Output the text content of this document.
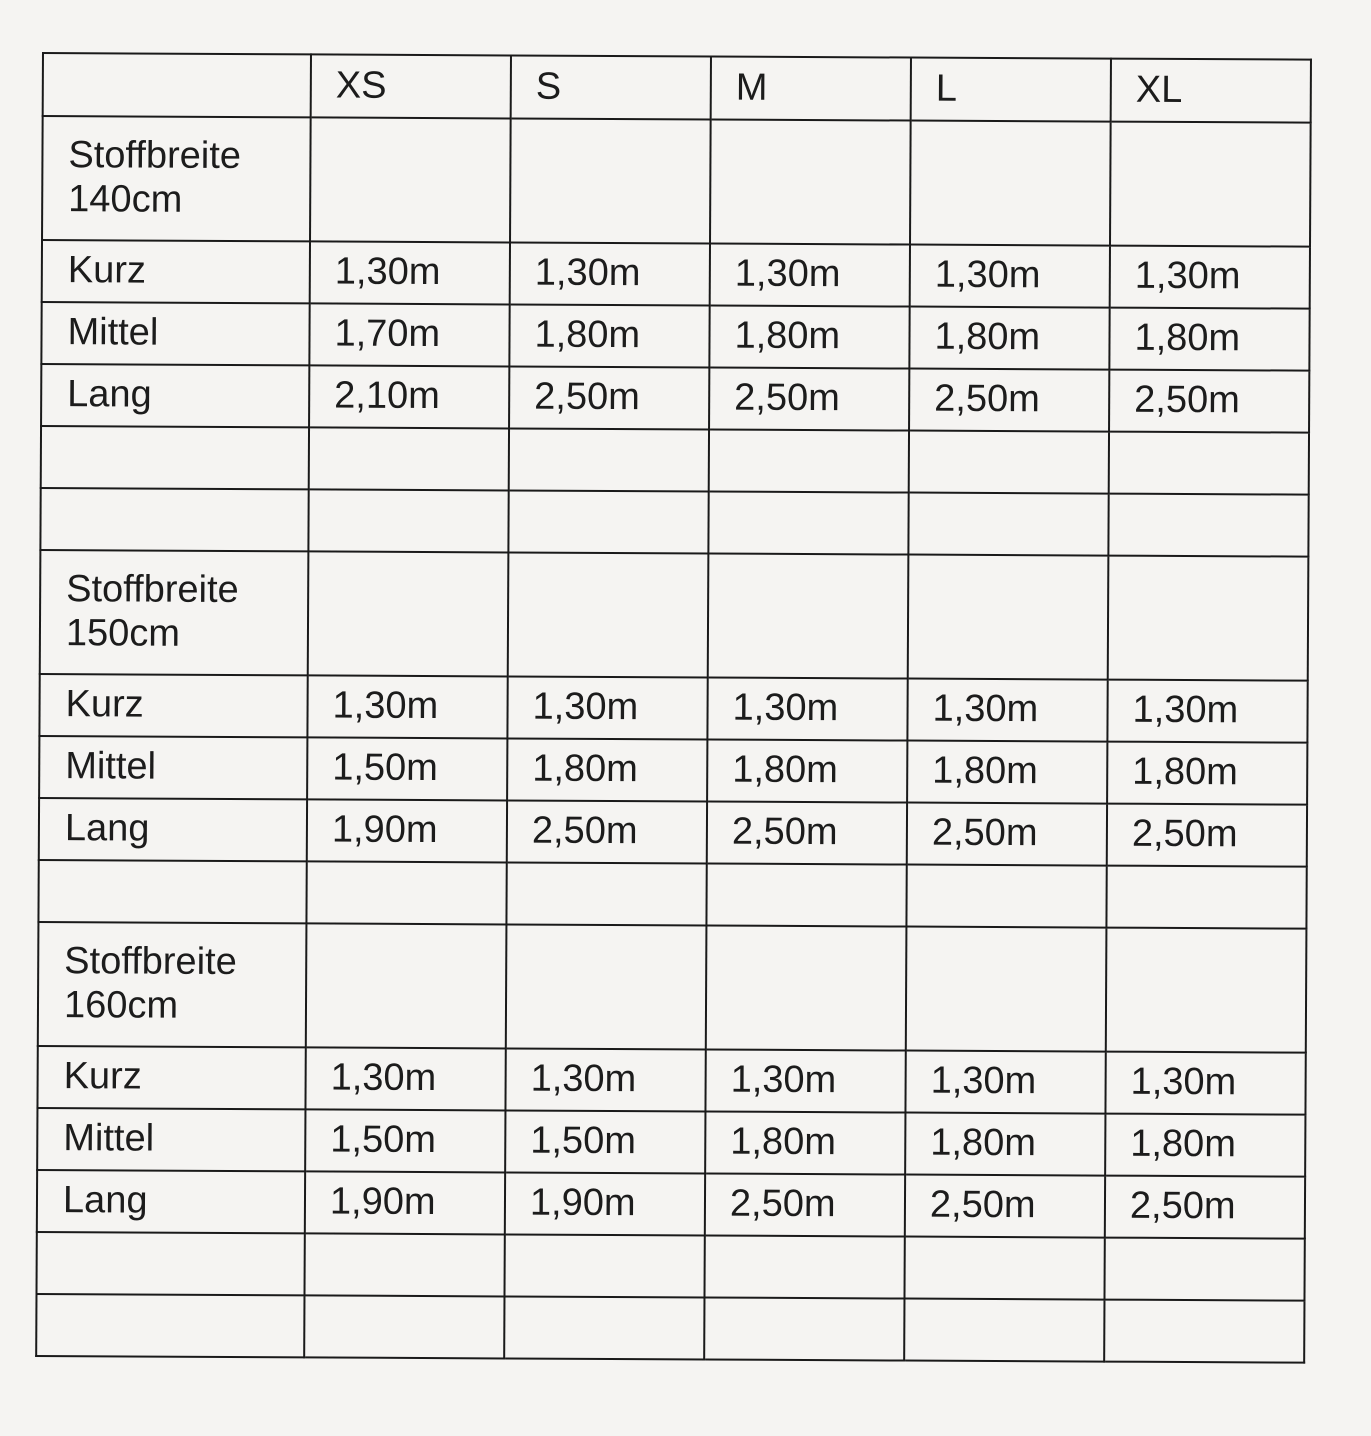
	XS	S	M	L	XL

Stoffbreite
140cm					

Kurz	1,30m	1,30m	1,30m	1,30m	1,30m
Mittel	1,70m	1,80m	1,80m	1,80m	1,80m
Lang	2,10m	2,50m	2,50m	2,50m	2,50m

Stoffbreite
150cm					

Kurz	1,30m	1,30m	1,30m	1,30m	1,30m
Mittel	1,50m	1,80m	1,80m	1,80m	1,80m
Lang	1,90m	2,50m	2,50m	2,50m	2,50m

Stoffbreite
160cm					

Kurz	1,30m	1,30m	1,30m	1,30m	1,30m
Mittel	1,50m	1,50m	1,80m	1,80m	1,80m
Lang	1,90m	1,90m	2,50m	2,50m	2,50m
